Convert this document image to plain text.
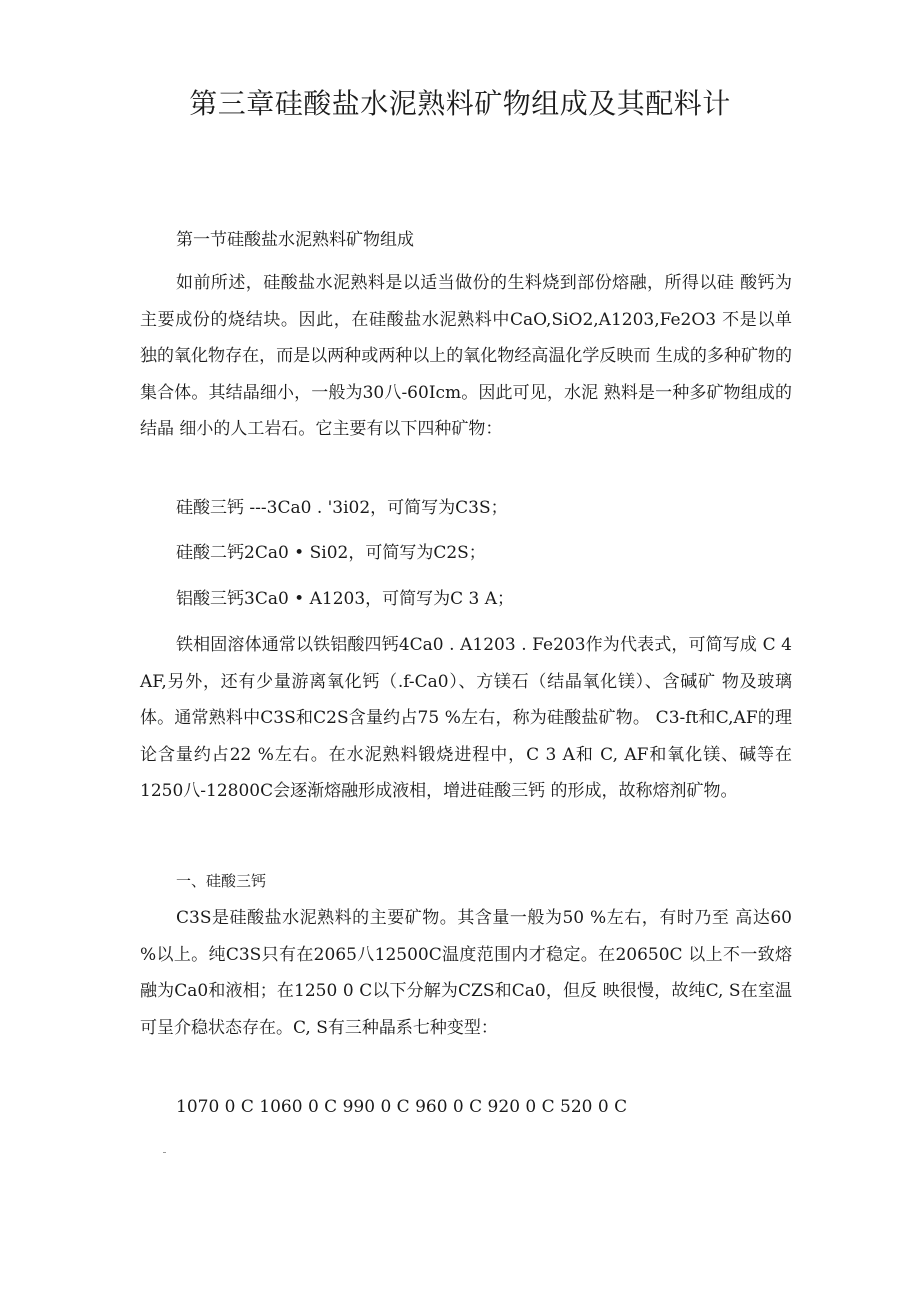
第三章硅酸盐水泥熟料矿物组成及其配料计
第一节硅酸盐水泥熟料矿物组成

如前所述，硅酸盐水泥熟料是以适当做份的生料烧到部份熔融，所得以硅 酸钙为主要成份的烧结块。因此，在硅酸盐水泥熟料中CaO,SiO2,A1203,Fe2O3 不是以单独的氧化物存在，而是以两种或两种以上的氧化物经高温化学反映而 生成的多种矿物的集合体。其结晶细小，一般为30八-60Icm。因此可见，水泥 熟料是一种多矿物组成的结晶 细小的人工岩石。它主要有以下四种矿物：

硅酸三钙 ---3Ca0 . '3i02，可简写为C3S；

硅酸二钙2Ca0 • Si02，可简写为C2S；

铝酸三钙3Ca0 • A1203，可简写为C 3 A；

铁相固溶体通常以铁铝酸四钙4Ca0 . A1203 . Fe203作为代表式，可简写成 C 4 AF,另外，还有少量游离氧化钙（.f-Ca0）、方镁石（结晶氧化镁）、含碱矿 物及玻璃体。通常熟料中C3S和C2S含量约占75 %左右，称为硅酸盐矿物。 C3-ft和C,AF的理论含量约占22 %左右。在水泥熟料锻烧进程中，C 3 A和 C, AF和氧化镁、碱等在1250八-12800C会逐渐熔融形成液相，增进硅酸三钙 的形成，故称熔剂矿物。

一、硅酸三钙

C3S是硅酸盐水泥熟料的主要矿物。其含量一般为50 %左右，有时乃至 高达60 %以上。纯C3S只有在2065八12500C温度范围内才稳定。在20650C 以上不一致熔融为Ca0和液相；在1250 0 C以下分解为CZS和Ca0，但反 映很慢，故纯C, S在室温可呈介稳状态存在。C, S有三种晶系七种变型：

1070 0 C 1060 0 C 990 0 C 960 0 C 920 0 C 520 0 C
